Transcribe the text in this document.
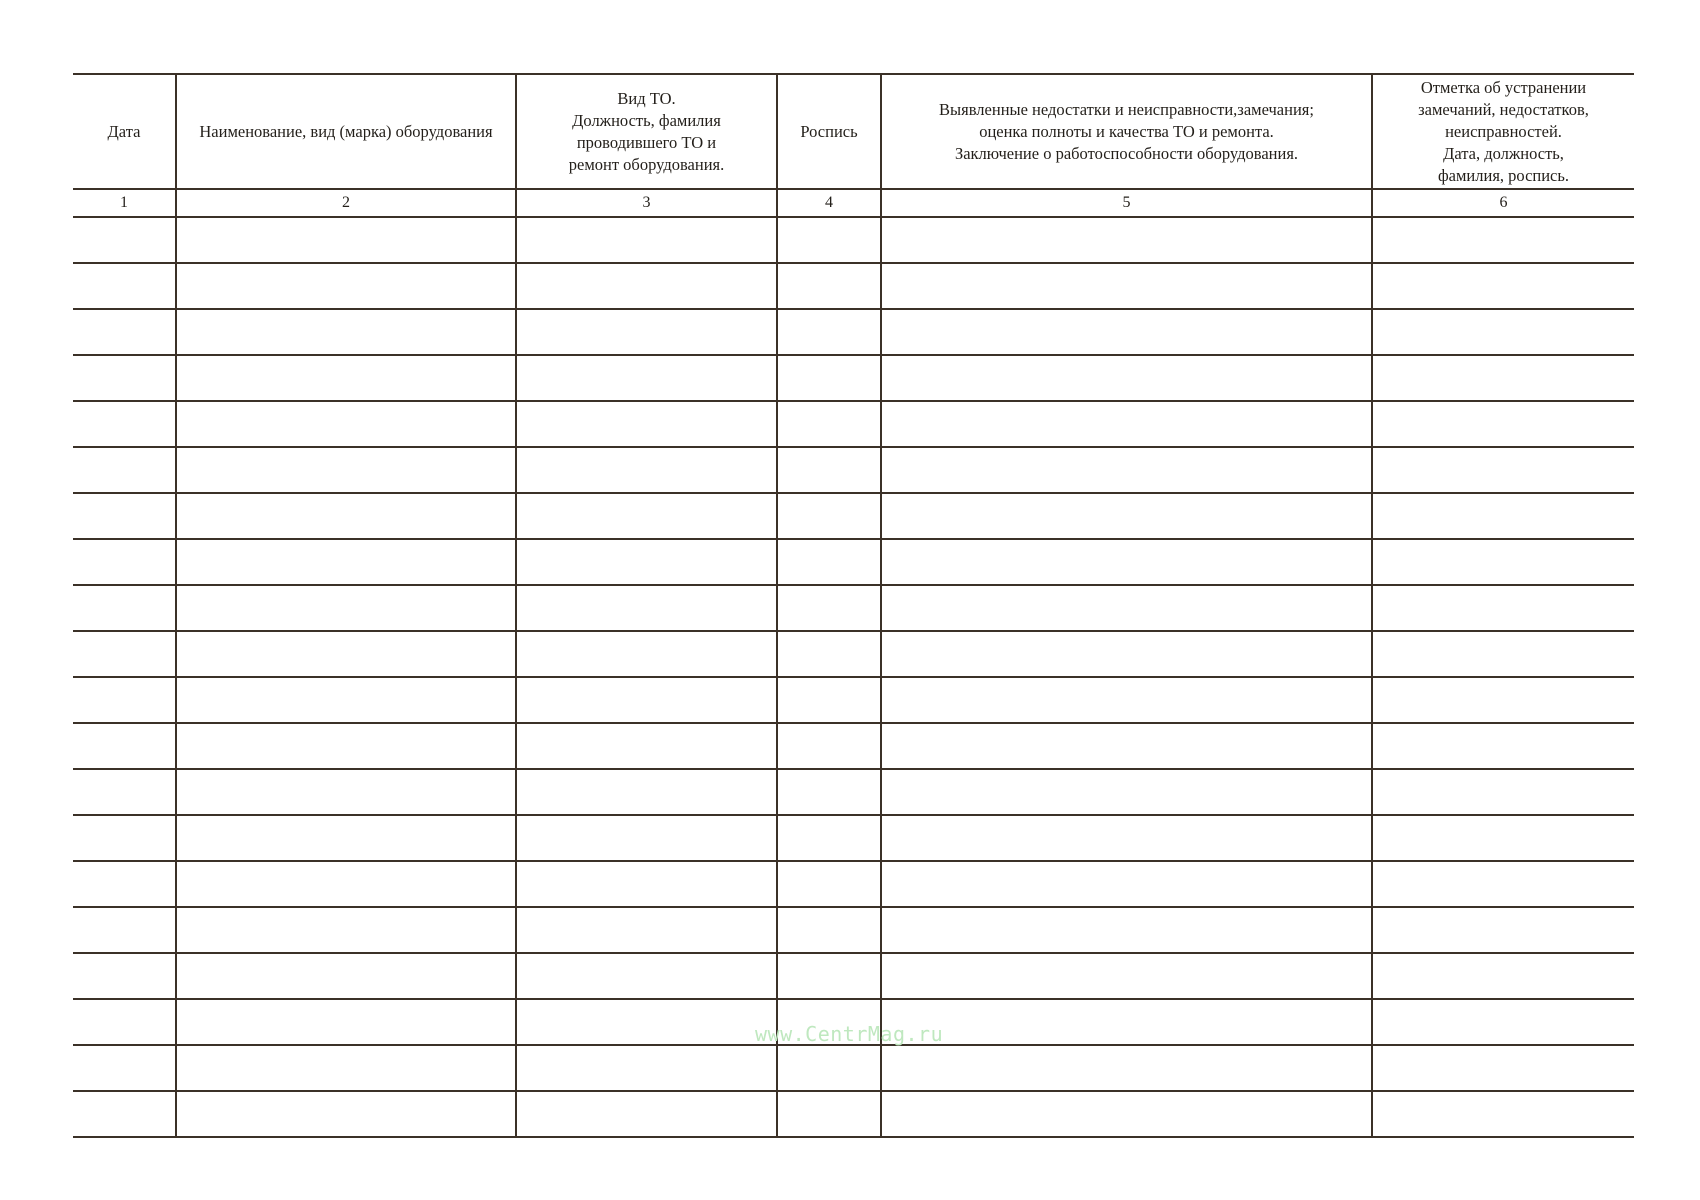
Дата	Наименование, вид (марка) оборудования	Вид ТО.
Должность, фамилия
проводившего ТО и
ремонт оборудования.	Роспись	Выявленные недостатки и неисправности,замечания;
оценка полноты и качества ТО и ремонта.
Заключение о работоспособности оборудования.	Отметка об устранении
замечаний, недостатков,
неисправностей.
Дата, должность,
фамилия, роспись.
1	2	3	4	5	6

www.CentrMag.ru
